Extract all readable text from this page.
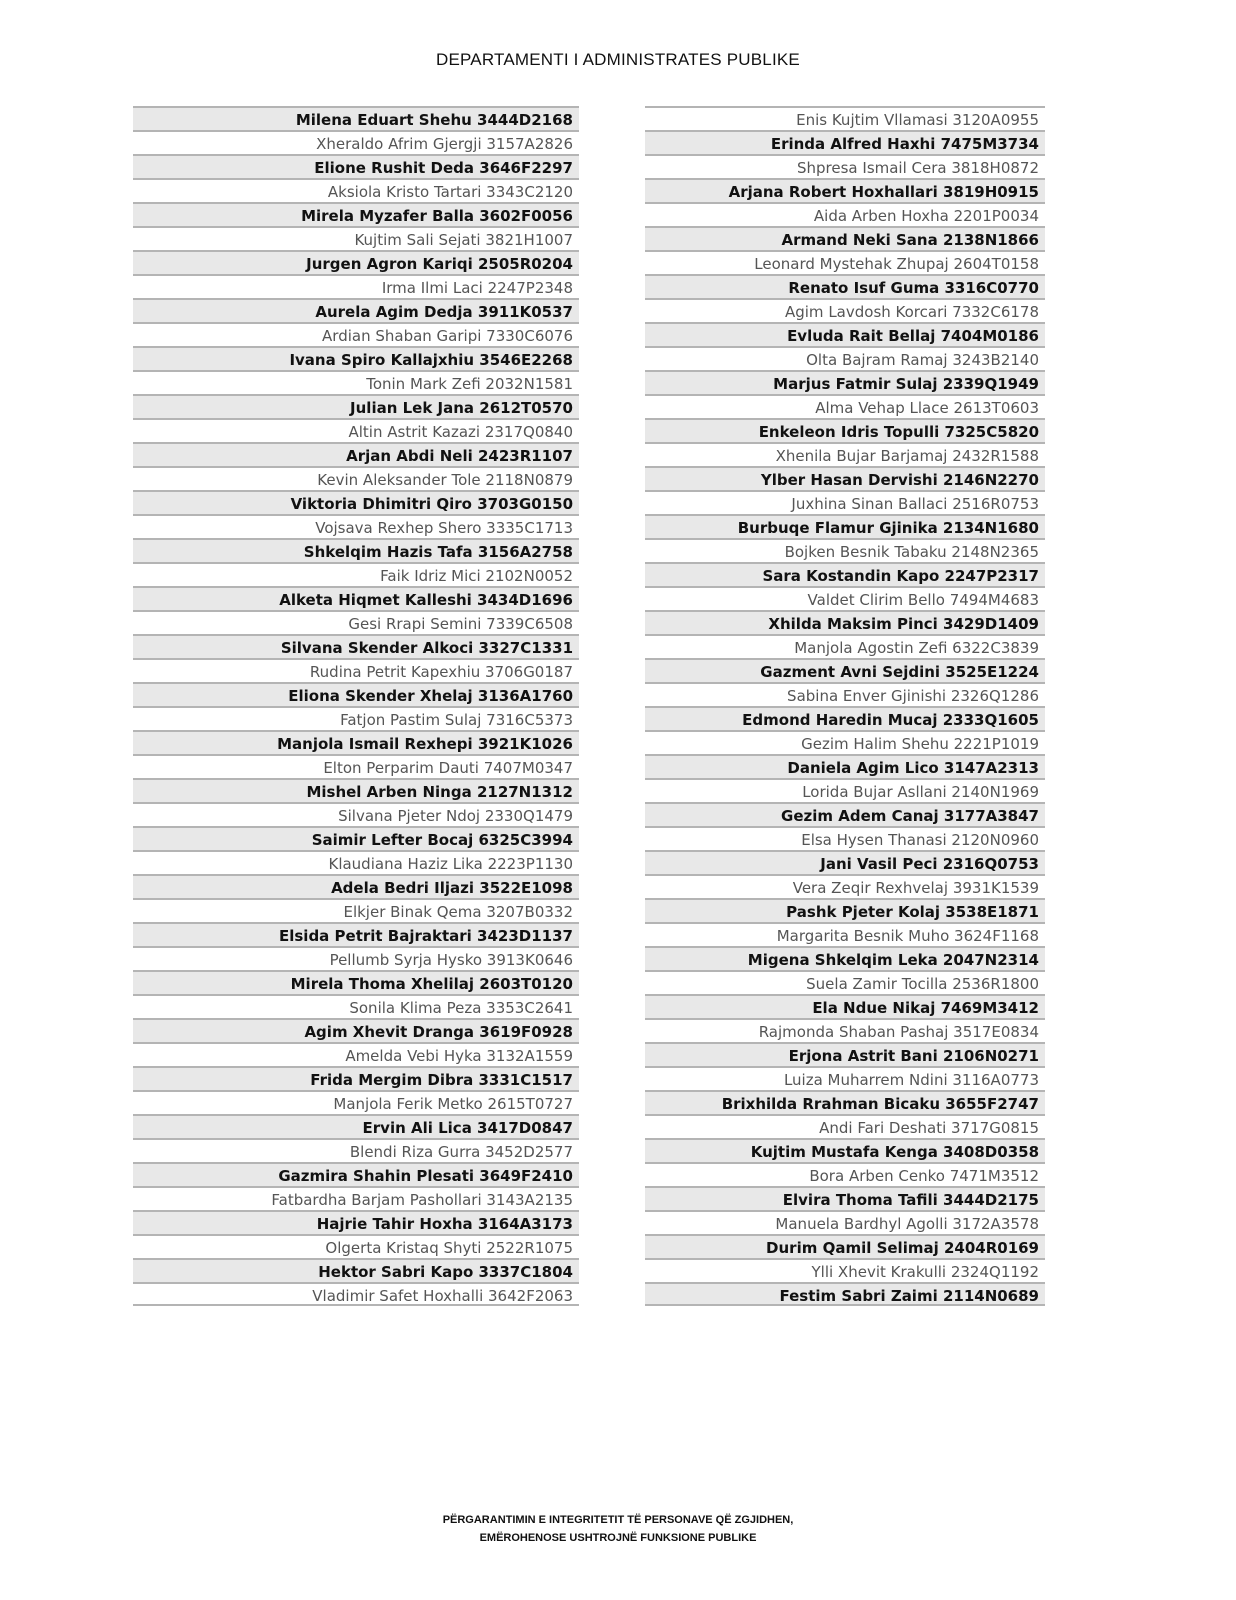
DEPARTAMENTI I ADMINISTRATES PUBLIKE
Milena Eduart Shehu 3444D2168
Xheraldo Afrim Gjergji 3157A2826
Elione Rushit Deda 3646F2297
Aksiola Kristo Tartari 3343C2120
Mirela Myzafer Balla 3602F0056
Kujtim Sali Sejati 3821H1007
Jurgen Agron Kariqi 2505R0204
Irma Ilmi Laci 2247P2348
Aurela Agim Dedja 3911K0537
Ardian Shaban Garipi 7330C6076
Ivana Spiro Kallajxhiu 3546E2268
Tonin Mark Zefi 2032N1581
Julian Lek Jana 2612T0570
Altin Astrit Kazazi 2317Q0840
Arjan Abdi Neli 2423R1107
Kevin Aleksander Tole 2118N0879
Viktoria Dhimitri Qiro 3703G0150
Vojsava Rexhep Shero 3335C1713
Shkelqim Hazis Tafa 3156A2758
Faik Idriz Mici 2102N0052
Alketa Hiqmet Kalleshi 3434D1696
Gesi Rrapi Semini 7339C6508
Silvana Skender Alkoci 3327C1331
Rudina Petrit Kapexhiu 3706G0187
Eliona Skender Xhelaj 3136A1760
Fatjon Pastim Sulaj 7316C5373
Manjola Ismail Rexhepi 3921K1026
Elton Perparim Dauti 7407M0347
Mishel Arben Ninga 2127N1312
Silvana Pjeter Ndoj 2330Q1479
Saimir Lefter Bocaj 6325C3994
Klaudiana Haziz Lika 2223P1130
Adela Bedri Iljazi 3522E1098
Elkjer Binak Qema 3207B0332
Elsida Petrit Bajraktari 3423D1137
Pellumb Syrja Hysko 3913K0646
Mirela Thoma Xhelilaj 2603T0120
Sonila Klima Peza 3353C2641
Agim Xhevit Dranga 3619F0928
Amelda Vebi Hyka 3132A1559
Frida Mergim Dibra 3331C1517
Manjola Ferik Metko 2615T0727
Ervin Ali Lica 3417D0847
Blendi Riza Gurra 3452D2577
Gazmira Shahin Plesati 3649F2410
Fatbardha Barjam Pashollari 3143A2135
Hajrie Tahir Hoxha 3164A3173
Olgerta Kristaq Shyti 2522R1075
Hektor Sabri Kapo 3337C1804
Vladimir Safet Hoxhalli 3642F2063
Enis Kujtim Vllamasi 3120A0955
Erinda Alfred Haxhi 7475M3734
Shpresa Ismail Cera 3818H0872
Arjana Robert Hoxhallari 3819H0915
Aida Arben Hoxha 2201P0034
Armand Neki Sana 2138N1866
Leonard Mystehak Zhupaj 2604T0158
Renato Isuf Guma 3316C0770
Agim Lavdosh Korcari 7332C6178
Evluda Rait Bellaj 7404M0186
Olta Bajram Ramaj 3243B2140
Marjus Fatmir Sulaj 2339Q1949
Alma Vehap Llace 2613T0603
Enkeleon Idris Topulli 7325C5820
Xhenila Bujar Barjamaj 2432R1588
Ylber Hasan Dervishi 2146N2270
Juxhina Sinan Ballaci 2516R0753
Burbuqe Flamur Gjinika 2134N1680
Bojken Besnik Tabaku 2148N2365
Sara Kostandin Kapo 2247P2317
Valdet Clirim Bello 7494M4683
Xhilda Maksim Pinci 3429D1409
Manjola Agostin Zefi 6322C3839
Gazment Avni Sejdini 3525E1224
Sabina Enver Gjinishi 2326Q1286
Edmond Haredin Mucaj 2333Q1605
Gezim Halim Shehu 2221P1019
Daniela Agim Lico 3147A2313
Lorida Bujar Asllani 2140N1969
Gezim Adem Canaj 3177A3847
Elsa Hysen Thanasi 2120N0960
Jani Vasil Peci 2316Q0753
Vera Zeqir Rexhvelaj 3931K1539
Pashk Pjeter Kolaj 3538E1871
Margarita Besnik Muho 3624F1168
Migena Shkelqim Leka 2047N2314
Suela Zamir Tocilla 2536R1800
Ela Ndue Nikaj 7469M3412
Rajmonda Shaban Pashaj 3517E0834
Erjona Astrit Bani 2106N0271
Luiza Muharrem Ndini 3116A0773
Brixhilda Rrahman Bicaku 3655F2747
Andi Fari Deshati 3717G0815
Kujtim Mustafa Kenga 3408D0358
Bora Arben Cenko 7471M3512
Elvira Thoma Tafili 3444D2175
Manuela Bardhyl Agolli 3172A3578
Durim Qamil Selimaj 2404R0169
Ylli Xhevit Krakulli 2324Q1192
Festim Sabri Zaimi 2114N0689
PËRGARANTIMIN E INTEGRITETIT TË PERSONAVE QË ZGJIDHEN,
EMËROHENOSE USHTROJNË FUNKSIONE PUBLIKE
